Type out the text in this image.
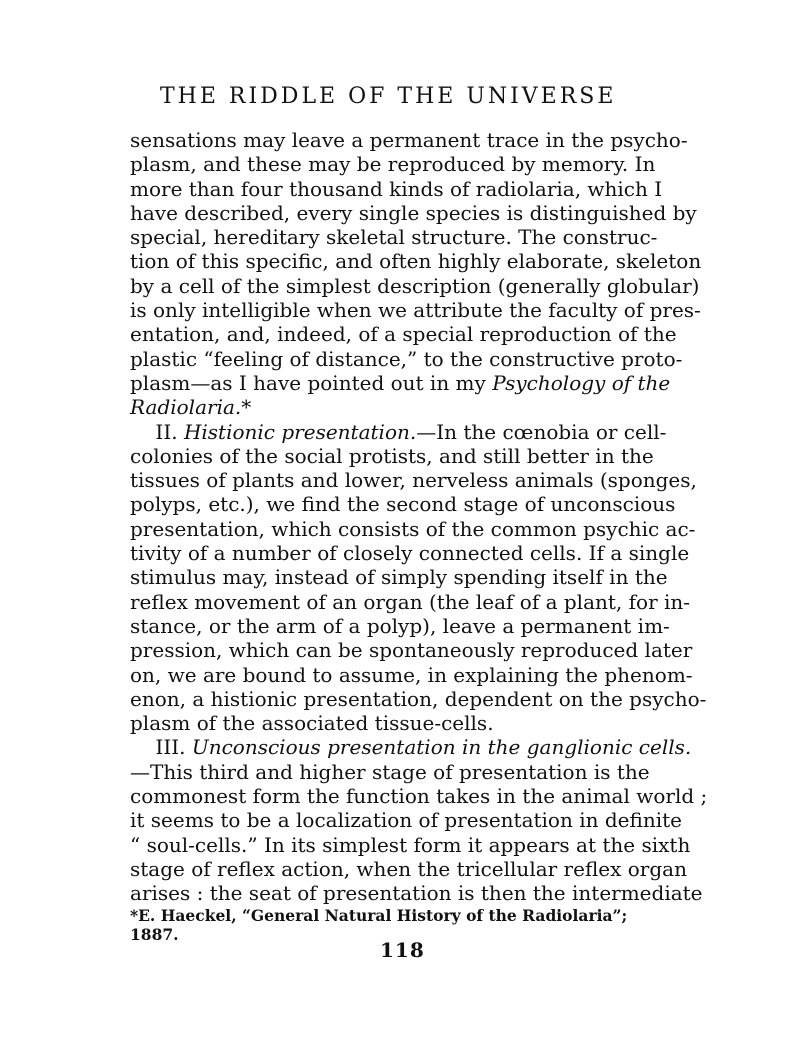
THE RIDDLE OF THE UNIVERSE
sensations may leave a permanent trace in the psycho-
plasm, and these may be reproduced by memory. In
more than four thousand kinds of radiolaria, which I
have described, every single species is distinguished by
special, hereditary skeletal structure. The construc-
tion of this specific, and often highly elaborate, skeleton
by a cell of the simplest description (generally globular)
is only intelligible when we attribute the faculty of pres-
entation, and, indeed, of a special reproduction of the
plastic “feeling of distance,” to the constructive proto-
plasm—as I have pointed out in my Psychology of the
Radiolaria.*
II. Histionic presentation.—In the cœnobia or cell-
colonies of the social protists, and still better in the
tissues of plants and lower, nerveless animals (sponges,
polyps, etc.), we find the second stage of unconscious
presentation, which consists of the common psychic ac-
tivity of a number of closely connected cells. If a single
stimulus may, instead of simply spending itself in the
reflex movement of an organ (the leaf of a plant, for in-
stance, or the arm of a polyp), leave a permanent im-
pression, which can be spontaneously reproduced later
on, we are bound to assume, in explaining the phenom-
enon, a histionic presentation, dependent on the psycho-
plasm of the associated tissue-cells.
III. Unconscious presentation in the ganglionic cells.
—This third and higher stage of presentation is the
commonest form the function takes in the animal world ;
it seems to be a localization of presentation in definite
“ soul-cells.” In its simplest form it appears at the sixth
stage of reflex action, when the tricellular reflex organ
arises : the seat of presentation is then the intermediate
*E. Haeckel, “General Natural History of the Radiolaria”;
1887.
118
